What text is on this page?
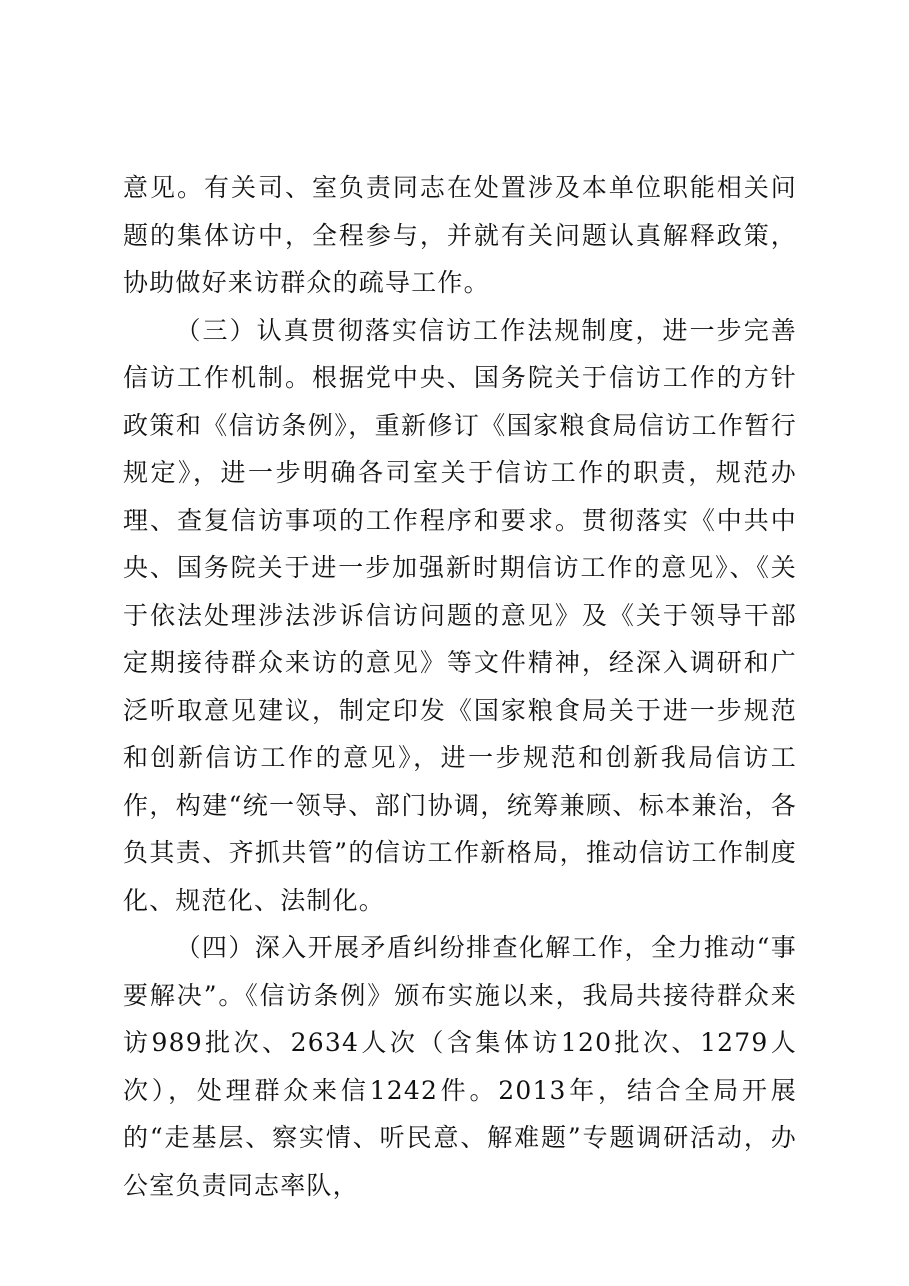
意见。有关司、室负责同志在处置涉及本单位职能相关问题的集体访中，全程参与，并就有关问题认真解释政策，协助做好来访群众的疏导工作。

（三）认真贯彻落实信访工作法规制度，进一步完善信访工作机制。根据党中央、国务院关于信访工作的方针政策和《信访条例》，重新修订《国家粮食局信访工作暂行规定》，进一步明确各司室关于信访工作的职责，规范办理、查复信访事项的工作程序和要求。贯彻落实《中共中央、国务院关于进一步加强新时期信访工作的意见》、《关于依法处理涉法涉诉信访问题的意见》及《关于领导干部定期接待群众来访的意见》等文件精神，经深入调研和广泛听取意见建议，制定印发《国家粮食局关于进一步规范和创新信访工作的意见》，进一步规范和创新我局信访工作，构建“统一领导、部门协调，统筹兼顾、标本兼治，各负其责、齐抓共管”的信访工作新格局，推动信访工作制度化、规范化、法制化。

（四）深入开展矛盾纠纷排查化解工作，全力推动“事要解决”。《信访条例》颁布实施以来，我局共接待群众来访989批次、2634人次（含集体访120批次、1279人次），处理群众来信1242件。2013年，结合全局开展的“走基层、察实情、听民意、解难题”专题调研活动，办公室负责同志率队，
